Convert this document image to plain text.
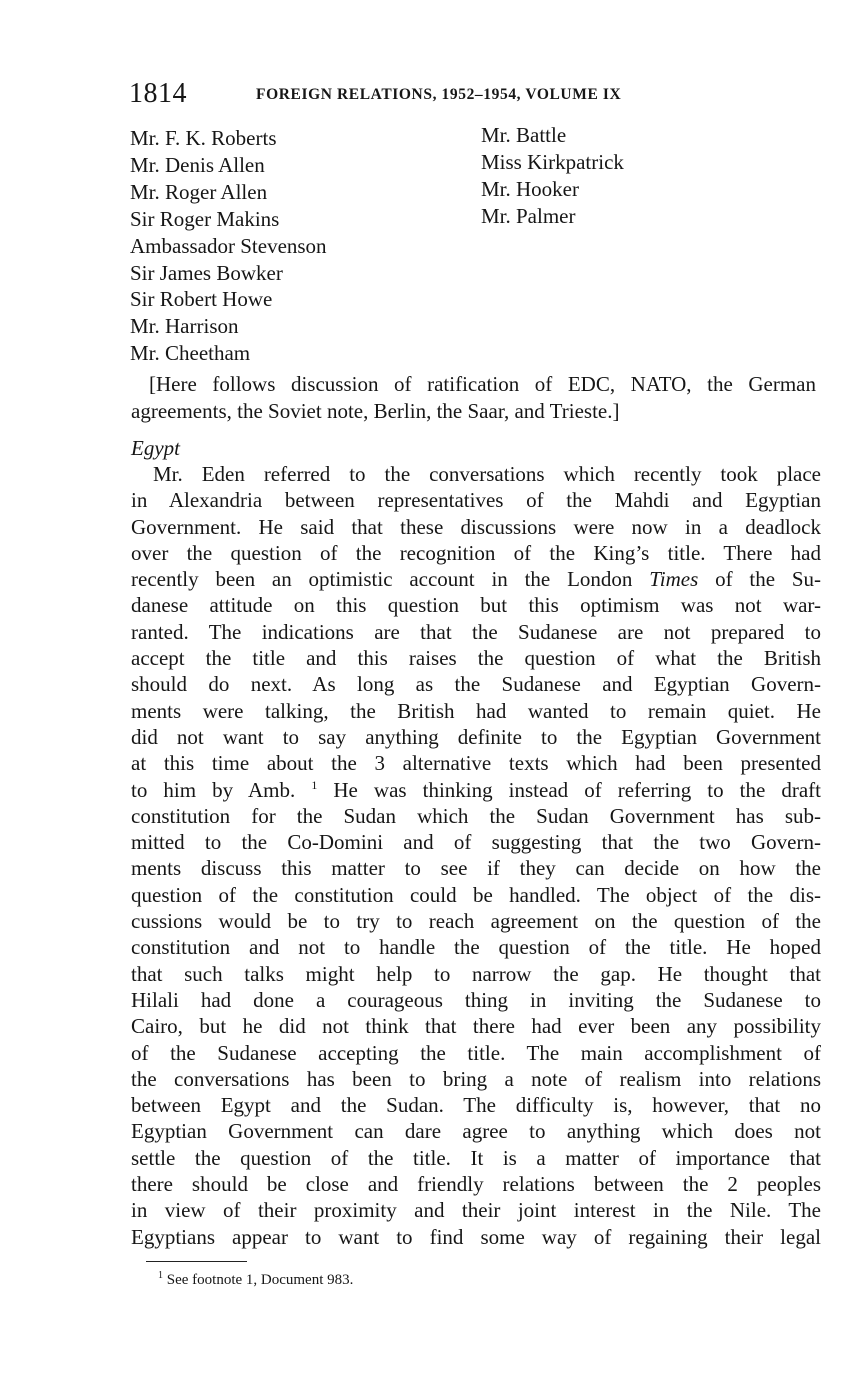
1814	FOREIGN RELATIONS, 1952–1954, VOLUME IX
Mr. F. K. Roberts
Mr. Denis Allen
Mr. Roger Allen
Sir Roger Makins
Ambassador Stevenson
Sir James Bowker
Sir Robert Howe
Mr. Harrison
Mr. Cheetham
Mr. Battle
Miss Kirkpatrick
Mr. Hooker
Mr. Palmer
[Here follows discussion of ratification of EDC, NATO, the German agreements, the Soviet note, Berlin, the Saar, and Trieste.]
Egypt
Mr. Eden referred to the conversations which recently took place
in Alexandria between representatives of the Mahdi and Egyptian
Government. He said that these discussions were now in a deadlock
over the question of the recognition of the King’s title. There had
recently been an optimistic account in the London Times of the Su-
danese attitude on this question but this optimism was not war-
ranted. The indications are that the Sudanese are not prepared to
accept the title and this raises the question of what the British
should do next. As long as the Sudanese and Egyptian Govern-
ments were talking, the British had wanted to remain quiet. He
did not want to say anything definite to the Egyptian Government
at this time about the 3 alternative texts which had been presented
to him by Amb. $^1$ He was thinking instead of referring to the draft
constitution for the Sudan which the Sudan Government has sub-
mitted to the Co-Domini and of suggesting that the two Govern-
ments discuss this matter to see if they can decide on how the
question of the constitution could be handled. The object of the dis-
cussions would be to try to reach agreement on the question of the
constitution and not to handle the question of the title. He hoped
that such talks might help to narrow the gap. He thought that
Hilali had done a courageous thing in inviting the Sudanese to
Cairo, but he did not think that there had ever been any possibility
of the Sudanese accepting the title. The main accomplishment of
the conversations has been to bring a note of realism into relations
between Egypt and the Sudan. The difficulty is, however, that no
Egyptian Government can dare agree to anything which does not
settle the question of the title. It is a matter of importance that
there should be close and friendly relations between the 2 peoples
in view of their proximity and their joint interest in the Nile. The
Egyptians appear to want to find some way of regaining their legal
$^1$ See footnote 1, Document 983.
